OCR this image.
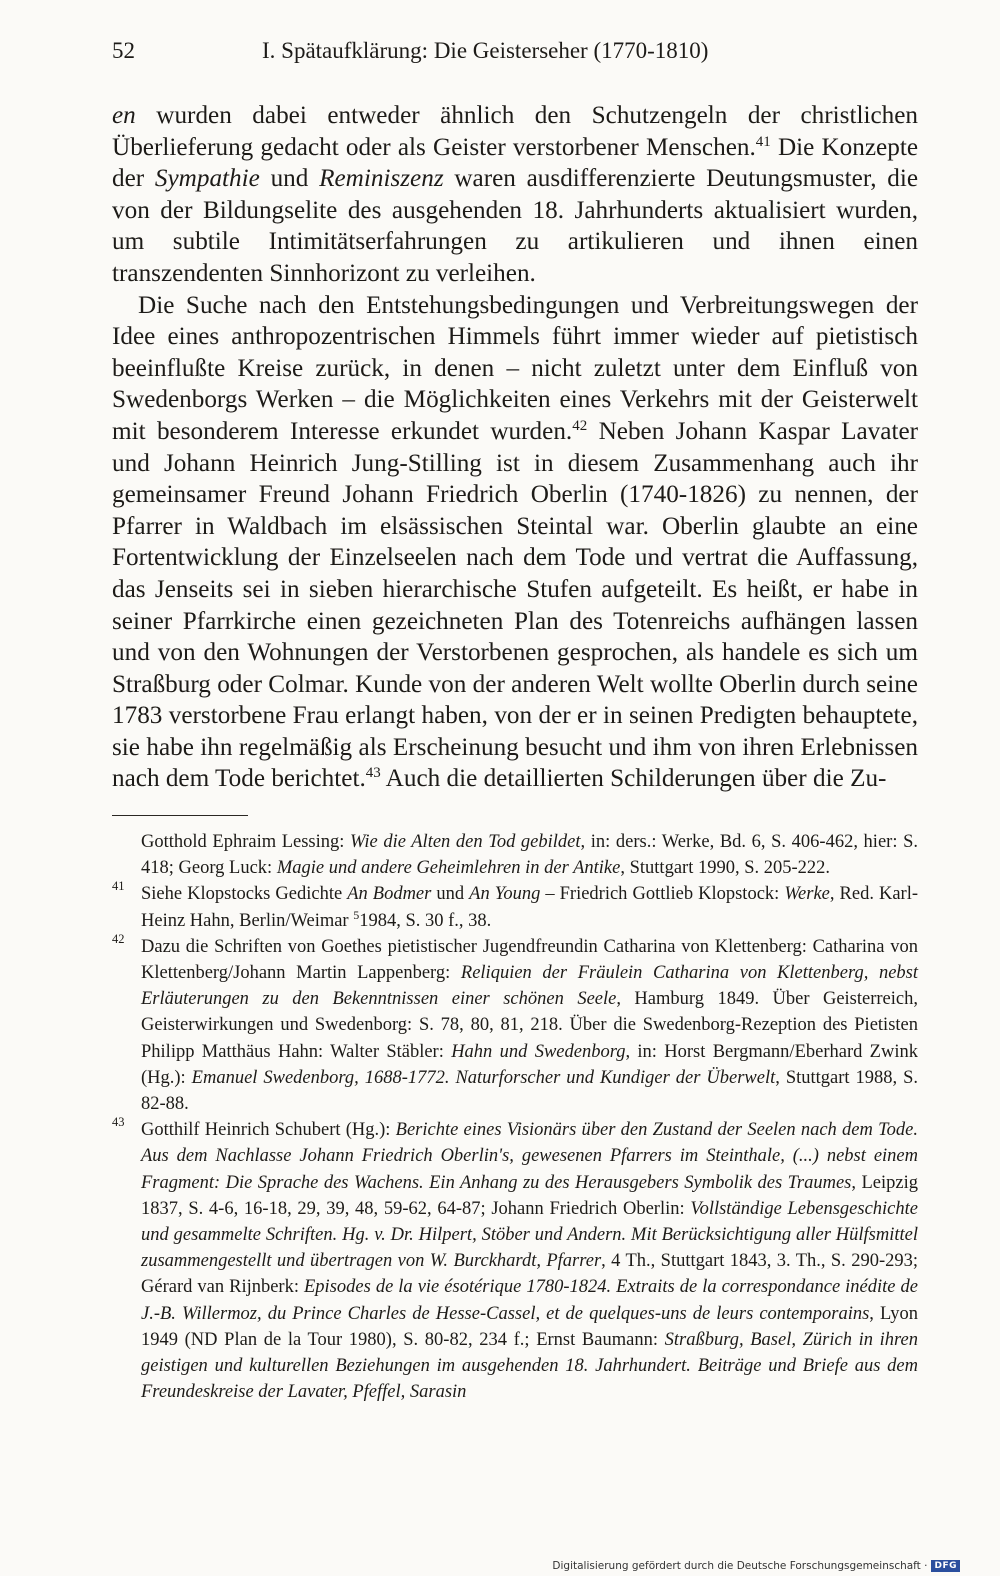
52	I. Spätaufklärung: Die Geisterseher (1770-1810)

en wurden dabei entweder ähnlich den Schutzengeln der christlichen Überlieferung gedacht oder als Geister verstorbener Menschen.$^{41}$ Die Konzepte der Sympathie und Reminiszenz waren ausdifferenzierte Deutungsmuster, die von der Bildungselite des ausgehenden 18. Jahrhunderts aktualisiert wurden, um subtile Intimitätserfahrungen zu artikulieren und ihnen einen transzendenten Sinnhorizont zu verleihen.

Die Suche nach den Entstehungsbedingungen und Verbreitungswegen der Idee eines anthropozentrischen Himmels führt immer wieder auf pietistisch beeinflußte Kreise zurück, in denen – nicht zuletzt unter dem Einfluß von Swedenborgs Werken – die Möglichkeiten eines Verkehrs mit der Geisterwelt mit besonderem Interesse erkundet wurden.$^{42}$ Neben Johann Kaspar Lavater und Johann Heinrich Jung-Stilling ist in diesem Zusammenhang auch ihr gemeinsamer Freund Johann Friedrich Oberlin (1740-1826) zu nennen, der Pfarrer in Waldbach im elsässischen Steintal war. Oberlin glaubte an eine Fortentwicklung der Einzelseelen nach dem Tode und vertrat die Auffassung, das Jenseits sei in sieben hierarchische Stufen aufgeteilt. Es heißt, er habe in seiner Pfarrkirche einen gezeichneten Plan des Totenreichs aufhängen lassen und von den Wohnungen der Verstorbenen gesprochen, als handele es sich um Straßburg oder Colmar. Kunde von der anderen Welt wollte Oberlin durch seine 1783 verstorbene Frau erlangt haben, von der er in seinen Predigten behauptete, sie habe ihn regelmäßig als Erscheinung besucht und ihm von ihren Erlebnissen nach dem Tode berichtet.$^{43}$ Auch die detaillierten Schilderungen über die Zu-

Gotthold Ephraim Lessing: Wie die Alten den Tod gebildet, in: ders.: Werke, Bd. 6, S. 406-462, hier: S. 418; Georg Luck: Magie und andere Geheimlehren in der Antike, Stuttgart 1990, S. 205-222.

41 Siehe Klopstocks Gedichte An Bodmer und An Young – Friedrich Gottlieb Klopstock: Werke, Red. Karl-Heinz Hahn, Berlin/Weimar $^5$1984, S. 30 f., 38.

42 Dazu die Schriften von Goethes pietistischer Jugendfreundin Catharina von Klettenberg: Catharina von Klettenberg/Johann Martin Lappenberg: Reliquien der Fräulein Catharina von Klettenberg, nebst Erläuterungen zu den Bekenntnissen einer schönen Seele, Hamburg 1849. Über Geisterreich, Geisterwirkungen und Swedenborg: S. 78, 80, 81, 218. Über die Swedenborg-Rezeption des Pietisten Philipp Matthäus Hahn: Walter Stäbler: Hahn und Swedenborg, in: Horst Bergmann/Eberhard Zwink (Hg.): Emanuel Swedenborg, 1688-1772. Naturforscher und Kundiger der Überwelt, Stuttgart 1988, S. 82-88.

43 Gotthilf Heinrich Schubert (Hg.): Berichte eines Visionärs über den Zustand der Seelen nach dem Tode. Aus dem Nachlasse Johann Friedrich Oberlin's, gewesenen Pfarrers im Steinthale, (...) nebst einem Fragment: Die Sprache des Wachens. Ein Anhang zu des Herausgebers Symbolik des Traumes, Leipzig 1837, S. 4-6, 16-18, 29, 39, 48, 59-62, 64-87; Johann Friedrich Oberlin: Vollständige Lebensgeschichte und gesammelte Schriften. Hg. v. Dr. Hilpert, Stöber und Andern. Mit Berücksichtigung aller Hülfsmittel zusammengestellt und übertragen von W. Burckhardt, Pfarrer, 4 Th., Stuttgart 1843, 3. Th., S. 290-293; Gérard van Rijnberk: Episodes de la vie ésotérique 1780-1824. Extraits de la correspondance inédite de J.-B. Willermoz, du Prince Charles de Hesse-Cassel, et de quelques-uns de leurs contemporains, Lyon 1949 (ND Plan de la Tour 1980), S. 80-82, 234 f.; Ernst Baumann: Straßburg, Basel, Zürich in ihren geistigen und kulturellen Beziehungen im ausgehenden 18. Jahrhundert. Beiträge und Briefe aus dem Freundeskreise der Lavater, Pfeffel, Sarasin

Digitalisierung gefördert durch die Deutsche Forschungsgemeinschaft · DFG
